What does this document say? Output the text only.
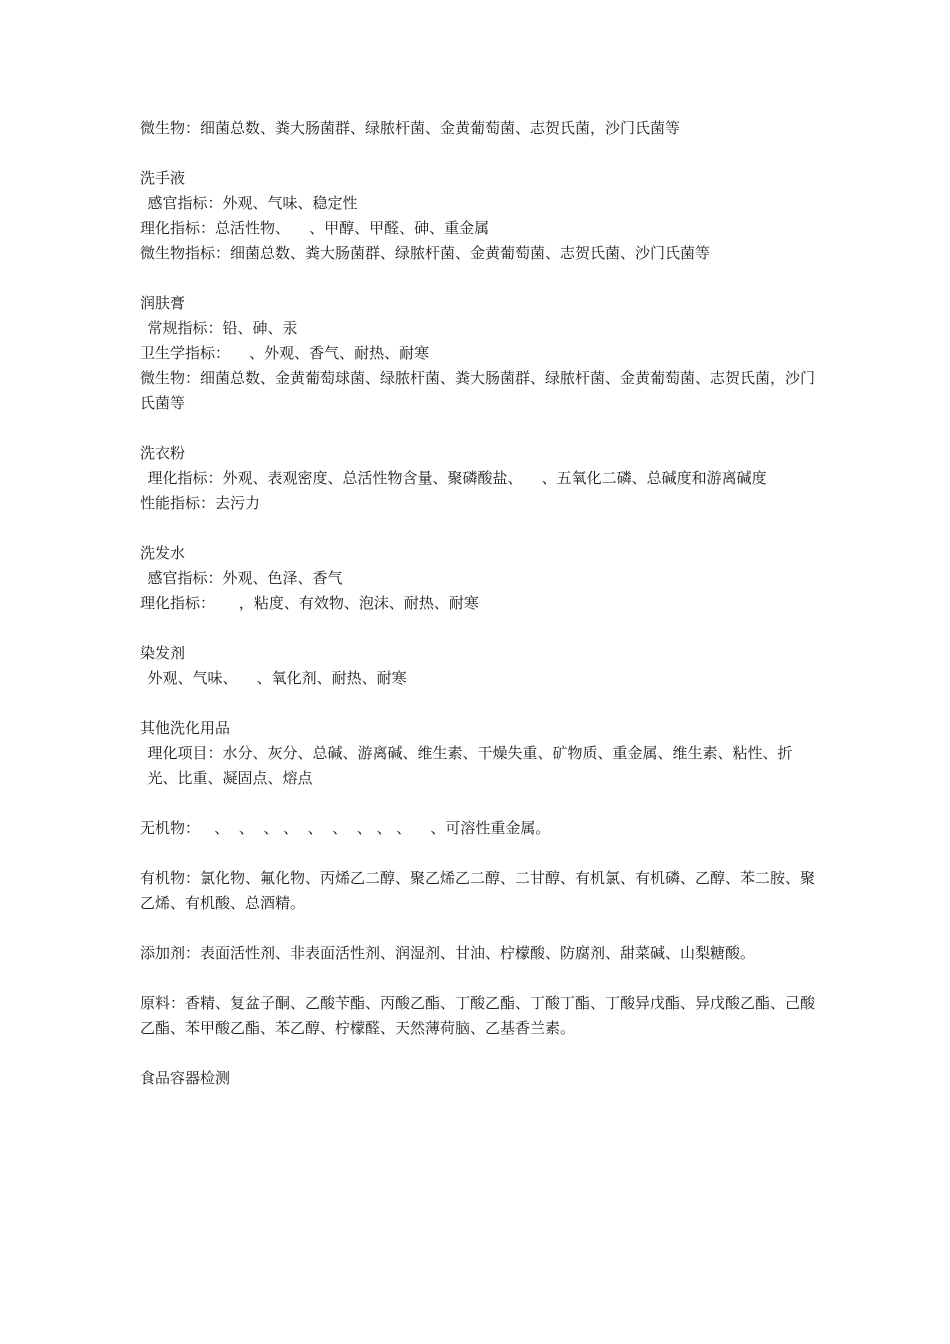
微生物：细菌总数、粪大肠菌群、绿脓杆菌、金黄葡萄菌、志贺氏菌，沙门氏菌等

洗手液

感官指标：外观、气味、稳定性

理化指标：总活性物、    、甲醇、甲醛、砷、重金属

微生物指标：细菌总数、粪大肠菌群、绿脓杆菌、金黄葡萄菌、志贺氏菌、沙门氏菌等

润肤膏

常规指标：铅、砷、汞

卫生学指标：    、外观、香气、耐热、耐寒

微生物：细菌总数、金黄葡萄球菌、绿脓杆菌、粪大肠菌群、绿脓杆菌、金黄葡萄菌、志贺氏菌，沙门氏菌等

洗衣粉

理化指标：外观、表观密度、总活性物含量、聚磷酸盐、    、五氧化二磷、总碱度和游离碱度

性能指标：去污力

洗发水

感官指标：外观、色泽、香气

理化指标：     ，粘度、有效物、泡沫、耐热、耐寒

染发剂

外观、气味、    、氧化剂、耐热、耐寒

其他洗化用品

理化项目：水分、灰分、总碱、游离碱、维生素、干燥失重、矿物质、重金属、维生素、粘性、折光、比重、凝固点、熔点

无机物：   、  、  、 、  、  、  、 、 、    、可溶性重金属。

有机物：氯化物、氟化物、丙烯乙二醇、聚乙烯乙二醇、二甘醇、有机氯、有机磷、乙醇、苯二胺、聚乙烯、有机酸、总酒精。

添加剂：表面活性剂、非表面活性剂、润湿剂、甘油、柠檬酸、防腐剂、甜菜碱、山梨糖酸。

原料：香精、复盆子酮、乙酸苄酯、丙酸乙酯、丁酸乙酯、丁酸丁酯、丁酸异戊酯、异戊酸乙酯、己酸乙酯、苯甲酸乙酯、苯乙醇、柠檬醛、天然薄荷脑、乙基香兰素。

食品容器检测
